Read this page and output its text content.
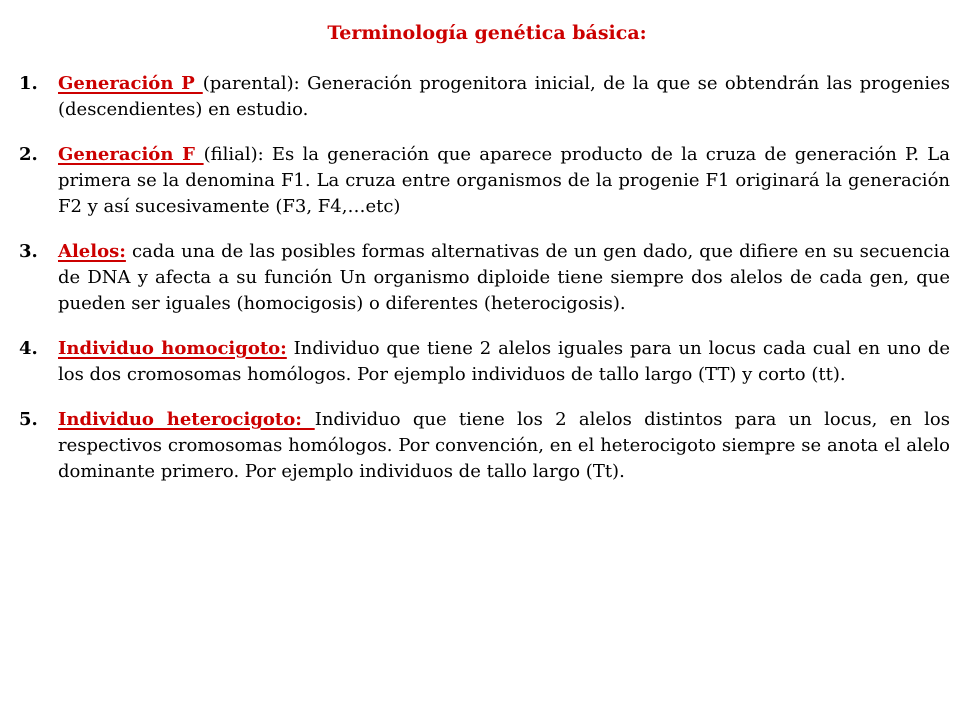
Terminología genética básica:
1. Generación P (parental): Generación progenitora inicial, de la que se obtendrán las progenies (descendientes) en estudio.
2. Generación F (filial): Es la generación que aparece producto de la cruza de generación P. La primera se la denomina F1. La cruza entre organismos de la progenie F1 originará la generación F2 y así sucesivamente (F3, F4,…etc)
3. Alelos: cada una de las posibles formas alternativas de un gen dado, que difiere en su secuencia de DNA y afecta a su función Un organismo diploide tiene siempre dos alelos de cada gen, que pueden ser iguales (homocigosis) o diferentes (heterocigosis).
4. Individuo homocigoto: Individuo que tiene 2 alelos iguales para un locus cada cual en uno de los dos cromosomas homólogos. Por ejemplo individuos de tallo largo (TT) y corto (tt).
5. Individuo heterocigoto: Individuo que tiene los 2 alelos distintos para un locus, en los respectivos cromosomas homólogos. Por convención, en el heterocigoto siempre se anota el alelo dominante primero. Por ejemplo individuos de tallo largo (Tt).
